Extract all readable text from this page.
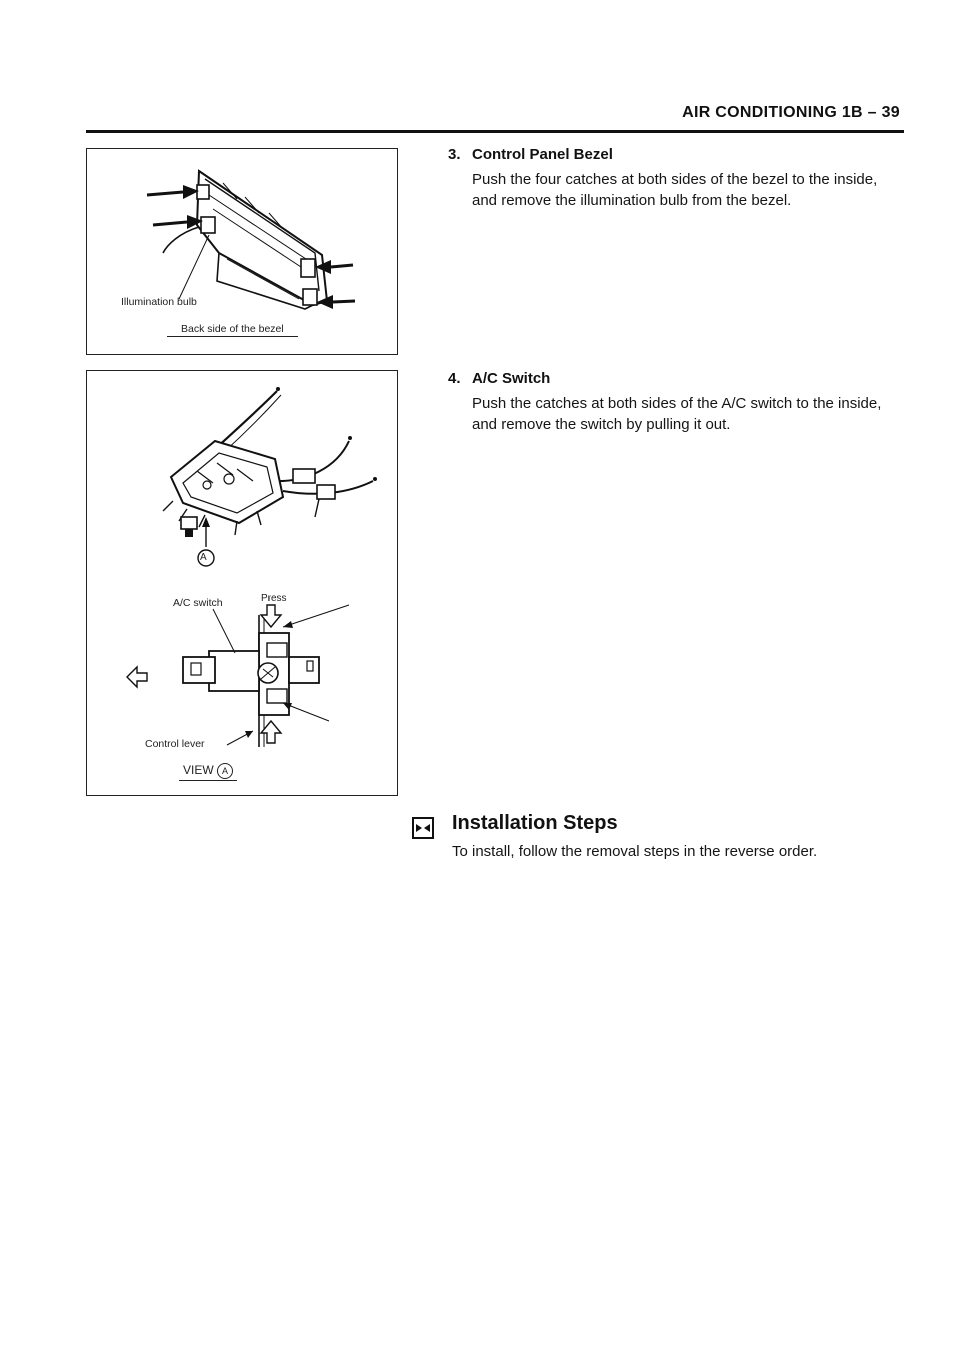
AIR CONDITIONING 1B – 39
Illumination bulb
Back side of the bezel
A/C switch	Press
Control lever
A
VIEW A
3. Control Panel Bezel

Push the four catches at both sides of the bezel to the inside, and remove the illumination bulb from the bezel.

4. A/C Switch

Push the catches at both sides of the A/C switch to the inside, and remove the switch by pulling it out.

Installation Steps
To install, follow the removal steps in the reverse order.
